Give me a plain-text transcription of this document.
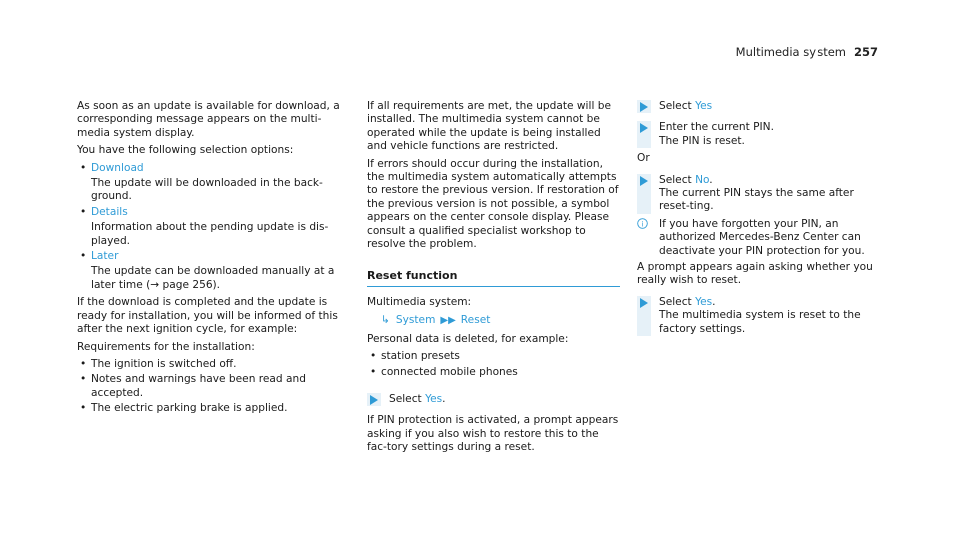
Multimedia sy stem 257

As soon as an update is available for download, a corresponding message appears on the multi-media system display.

You have the following selection options:

• Download
The update will be downloaded in the back-ground.
• Details
Information about the pending update is dis-played.
• Later
The update can be downloaded manually at a later time (→ page 256).

If the download is completed and the update is ready for installation, you will be informed of this after the next ignition cycle, for example:

Requirements for the installation:

• The ignition is switched off.
• Notes and warnings have been read and accepted.
• The electric parking brake is applied.

If all requirements are met, the update will be installed. The multimedia system cannot be operated while the update is being installed and vehicle functions are restricted.

If errors should occur during the installation, the multimedia system automatically attempts to restore the previous version. If restoration of the previous version is not possible, a symbol appears on the center console display. Please consult a qualified specialist workshop to resolve the problem.

Reset function

Multimedia system:

↳ System ▶▶ Reset

Personal data is deleted, for example:

• station presets
• connected mobile phones
Select Yes.

If PIN protection is activated, a prompt appears asking if you also wish to restore this to the fac-tory settings during a reset.

Select Yes
Enter the current PIN.
The PIN is reset.

Or

Select No.
The current PIN stays the same after reset-ting.
i If you have forgotten your PIN, an authorized Mercedes-Benz Center can deactivate your PIN protection for you.

A prompt appears again asking whether you really wish to reset.

Select Yes.
The multimedia system is reset to the factory settings.
